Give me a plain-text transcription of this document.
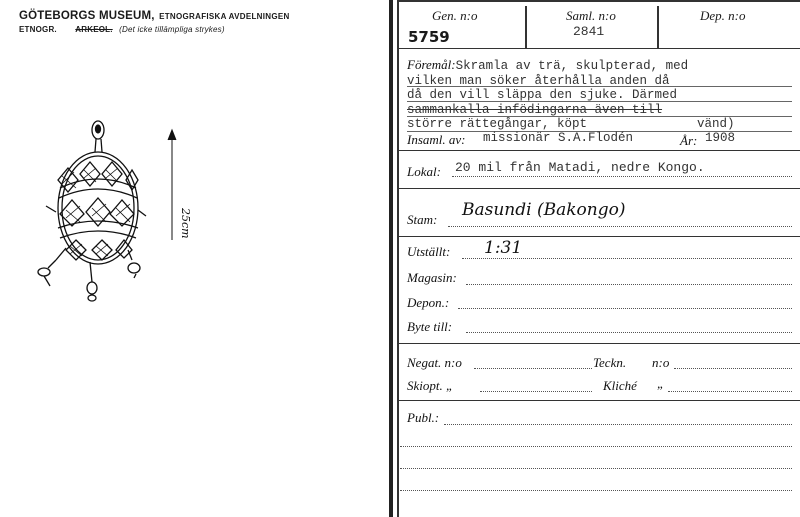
GÖTEBORGS MUSEUM, ETNOGRAFISKA AVDELNINGEN
ETNOGR. ARKEOL. (Det icke tillämpliga strykes)
25cm
Gen. n:o
5759
Saml. n:o
2841
Dep. n:o
Föremål:Skramla av trä, skulpterad, med
vilken man söker återhålla anden då
då den vill släppa den sjuke. Därmed
sammankalla infödingarna även till
större rättegångar, köpt	vänd)
Insaml. av: missionär S.A.Flodén	År: 1908
Lokal: 20 mil från Matadi, nedre Kongo.
Stam: Basundi (Bakongo)
Utställt: 1:31
Magasin:
Depon.:
Byte till:
Negat. n:o	Teckn. n:o
Skiopt. „	Kliché „
Publ.:
